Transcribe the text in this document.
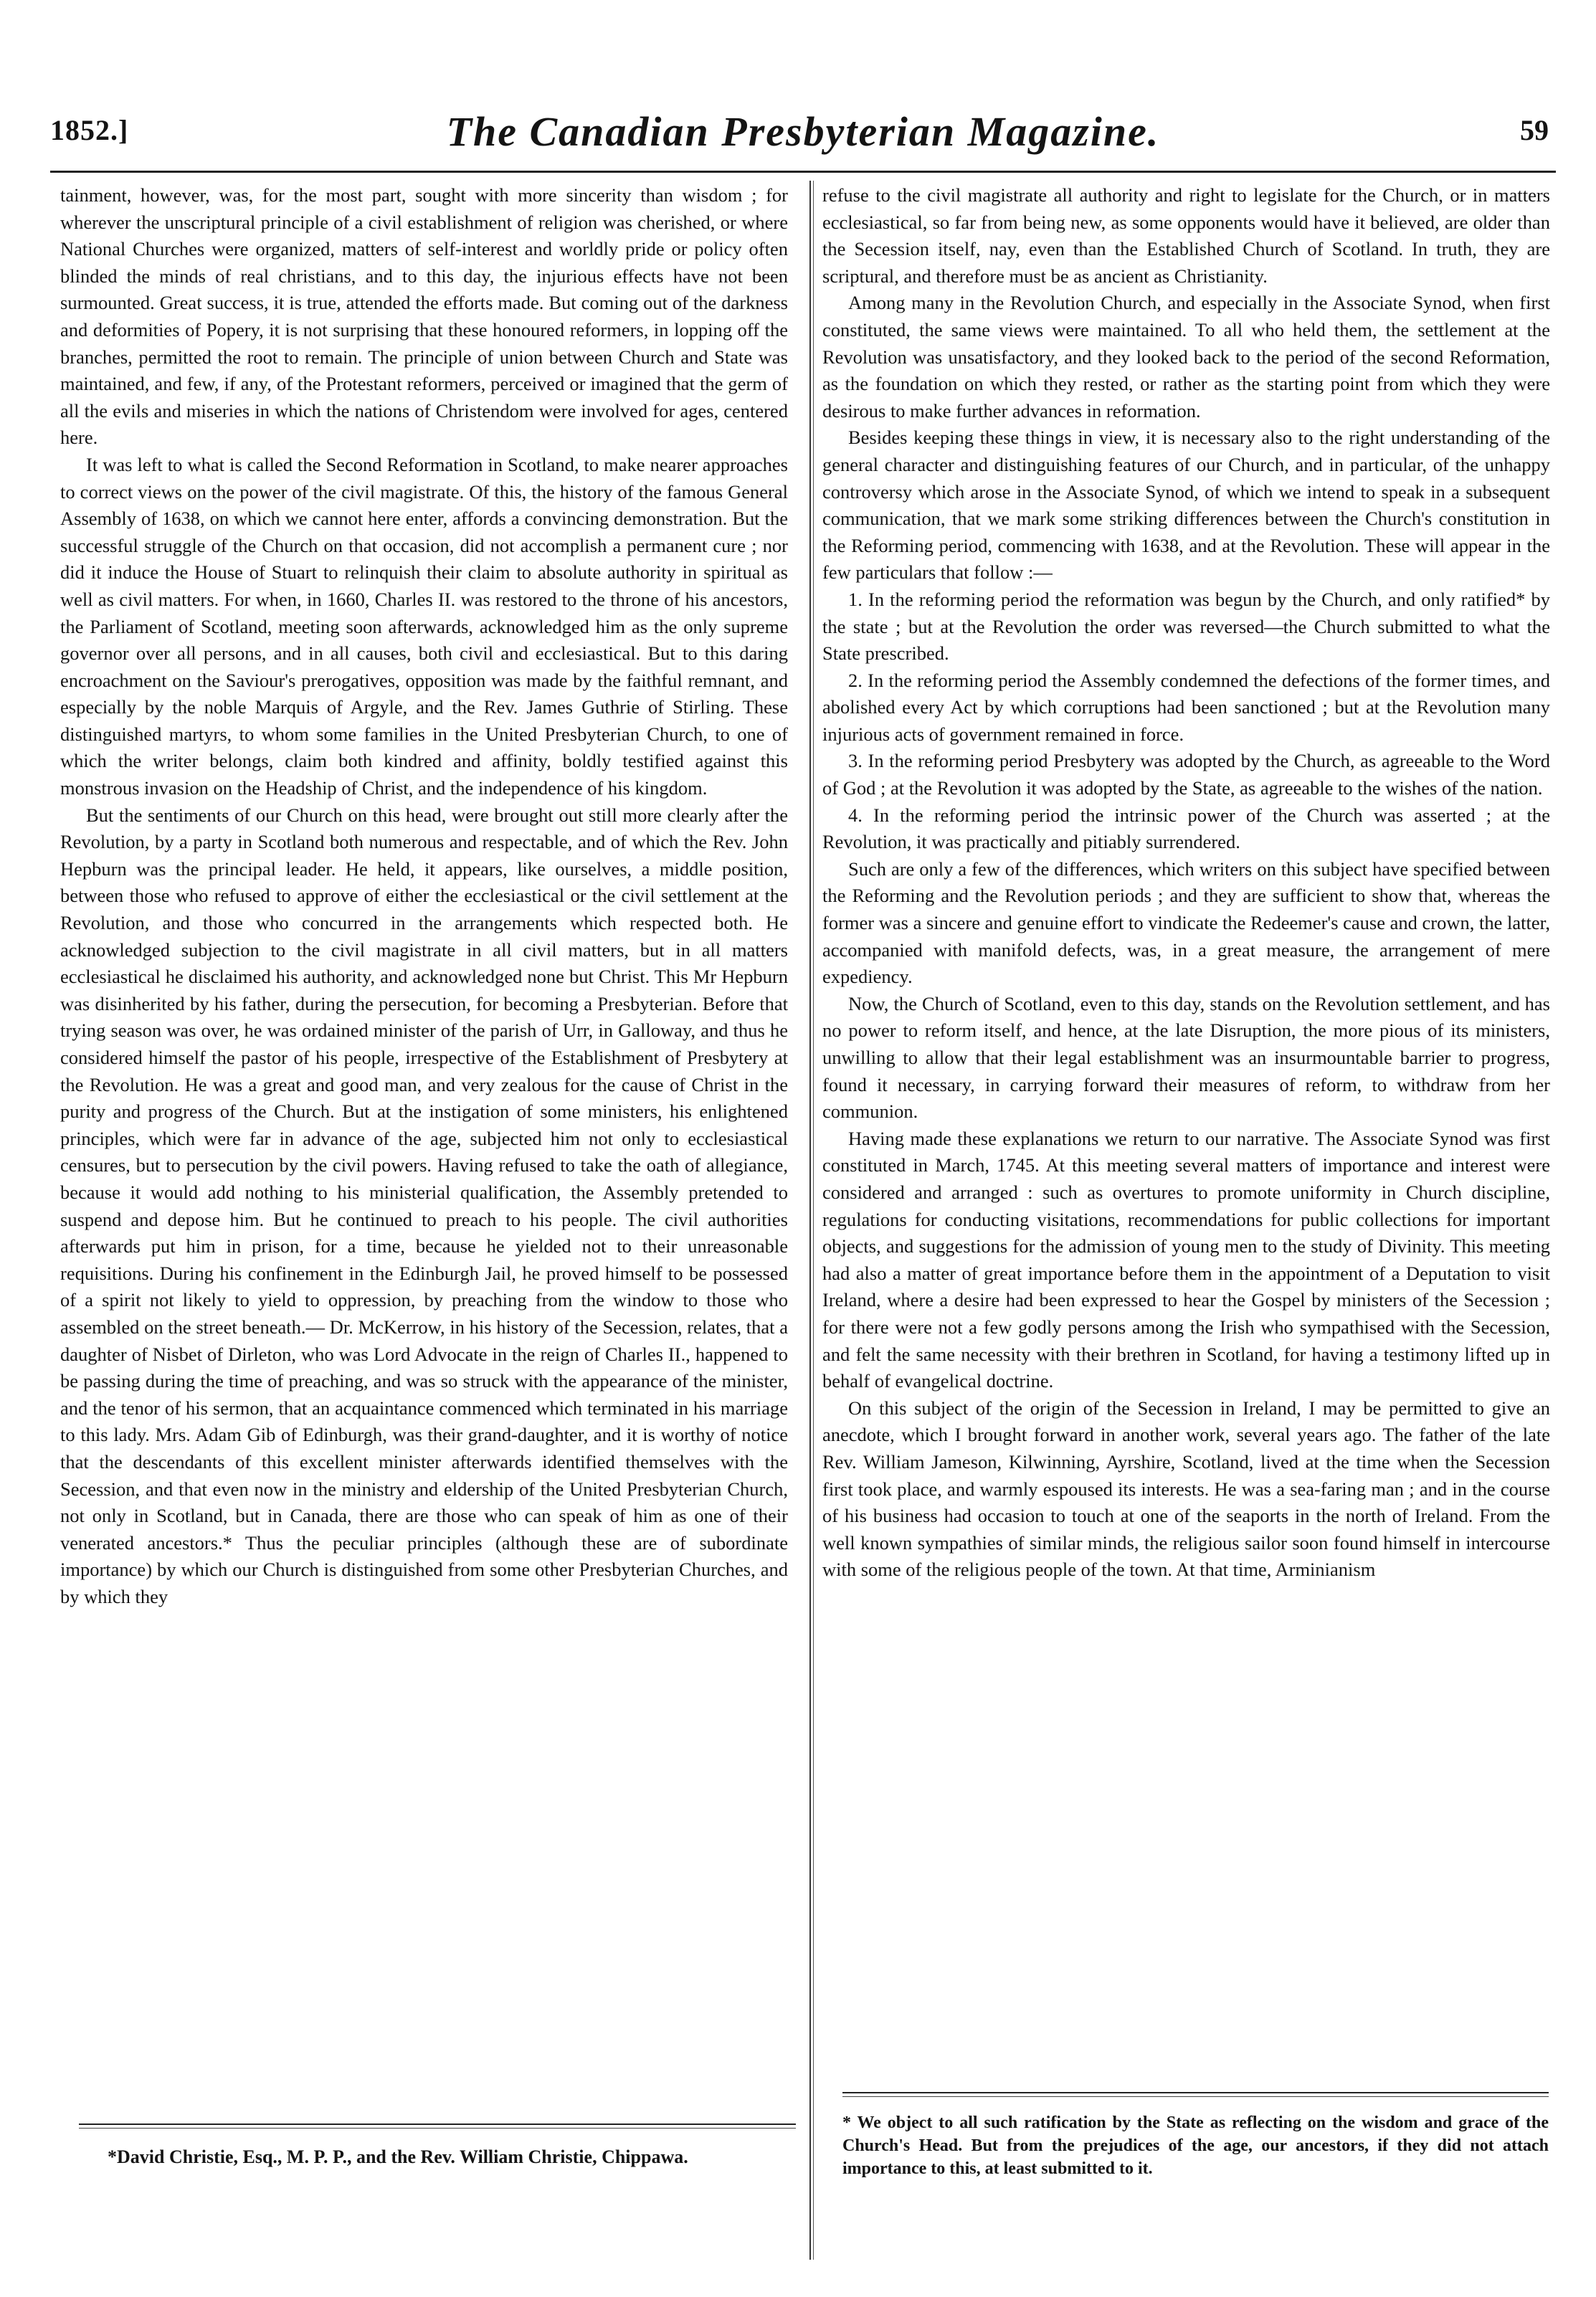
1852.]	The Canadian Presbyterian Magazine.	59

tainment, however, was, for the most part, sought with more sincerity than wisdom ; for wherever the unscriptural principle of a civil establishment of religion was cherished, or where National Churches were organized, matters of self-interest and worldly pride or policy often blinded the minds of real christians, and to this day, the injurious effects have not been surmounted. Great success, it is true, attended the efforts made. But coming out of the darkness and deformities of Popery, it is not surprising that these honoured reformers, in lopping off the branches, permitted the root to remain. The principle of union between Church and State was maintained, and few, if any, of the Protestant reformers, perceived or imagined that the germ of all the evils and miseries in which the nations of Christendom were involved for ages, centered here.

It was left to what is called the Second Reformation in Scotland, to make nearer approaches to correct views on the power of the civil magistrate. Of this, the history of the famous General Assembly of 1638, on which we cannot here enter, affords a convincing demonstration. But the successful struggle of the Church on that occasion, did not accomplish a permanent cure ; nor did it induce the House of Stuart to relinquish their claim to absolute authority in spiritual as well as civil matters. For when, in 1660, Charles II. was restored to the throne of his ancestors, the Parliament of Scotland, meeting soon afterwards, acknowledged him as the only supreme governor over all persons, and in all causes, both civil and ecclesiastical. But to this daring encroachment on the Saviour's prerogatives, opposition was made by the faithful remnant, and especially by the noble Marquis of Argyle, and the Rev. James Guthrie of Stirling. These distinguished martyrs, to whom some families in the United Presbyterian Church, to one of which the writer belongs, claim both kindred and affinity, boldly testified against this monstrous invasion on the Headship of Christ, and the independence of his kingdom.

But the sentiments of our Church on this head, were brought out still more clearly after the Revolution, by a party in Scotland both numerous and respectable, and of which the Rev. John Hepburn was the principal leader. He held, it appears, like ourselves, a middle position, between those who refused to approve of either the ecclesiastical or the civil settlement at the Revolution, and those who concurred in the arrangements which respected both. He acknowledged subjection to the civil magistrate in all civil matters, but in all matters ecclesiastical he disclaimed his authority, and acknowledged none but Christ. This Mr Hepburn was disinherited by his father, during the persecution, for becoming a Presbyterian. Before that trying season was over, he was ordained minister of the parish of Urr, in Galloway, and thus he considered himself the pastor of his people, irrespective of the Establishment of Presbytery at the Revolution. He was a great and good man, and very zealous for the cause of Christ in the purity and progress of the Church. But at the instigation of some ministers, his enlightened principles, which were far in advance of the age, subjected him not only to ecclesiastical censures, but to persecution by the civil powers. Having refused to take the oath of allegiance, because it would add nothing to his ministerial qualification, the Assembly pretended to suspend and depose him. But he continued to preach to his people. The civil authorities afterwards put him in prison, for a time, because he yielded not to their unreasonable requisitions. During his confinement in the Edinburgh Jail, he proved himself to be possessed of a spirit not likely to yield to oppression, by preaching from the window to those who assembled on the street beneath.— Dr. McKerrow, in his history of the Secession, relates, that a daughter of Nisbet of Dirleton, who was Lord Advocate in the reign of Charles II., happened to be passing during the time of preaching, and was so struck with the appearance of the minister, and the tenor of his sermon, that an acquaintance commenced which terminated in his marriage to this lady. Mrs. Adam Gib of Edinburgh, was their grand-daughter, and it is worthy of notice that the descendants of this excellent minister afterwards identified themselves with the Secession, and that even now in the ministry and eldership of the United Presbyterian Church, not only in Scotland, but in Canada, there are those who can speak of him as one of their venerated ancestors.* Thus the peculiar principles (although these are of subordinate importance) by which our Church is distinguished from some other Presbyterian Churches, and by which they

refuse to the civil magistrate all authority and right to legislate for the Church, or in matters ecclesiastical, so far from being new, as some opponents would have it believed, are older than the Secession itself, nay, even than the Established Church of Scotland. In truth, they are scriptural, and therefore must be as ancient as Christianity.

Among many in the Revolution Church, and especially in the Associate Synod, when first constituted, the same views were maintained. To all who held them, the settlement at the Revolution was unsatisfactory, and they looked back to the period of the second Reformation, as the foundation on which they rested, or rather as the starting point from which they were desirous to make further advances in reformation.

Besides keeping these things in view, it is necessary also to the right understanding of the general character and distinguishing features of our Church, and in particular, of the unhappy controversy which arose in the Associate Synod, of which we intend to speak in a subsequent communication, that we mark some striking differences between the Church's constitution in the Reforming period, commencing with 1638, and at the Revolution. These will appear in the few particulars that follow :—

1. In the reforming period the reformation was begun by the Church, and only ratified* by the state ; but at the Revolution the order was reversed—the Church submitted to what the State prescribed.

2. In the reforming period the Assembly condemned the defections of the former times, and abolished every Act by which corruptions had been sanctioned ; but at the Revolution many injurious acts of government remained in force.

3. In the reforming period Presbytery was adopted by the Church, as agreeable to the Word of God ; at the Revolution it was adopted by the State, as agreeable to the wishes of the nation.

4. In the reforming period the intrinsic power of the Church was asserted ; at the Revolution, it was practically and pitiably surrendered.

Such are only a few of the differences, which writers on this subject have specified between the Reforming and the Revolution periods ; and they are sufficient to show that, whereas the former was a sincere and genuine effort to vindicate the Redeemer's cause and crown, the latter, accompanied with manifold defects, was, in a great measure, the arrangement of mere expediency.

Now, the Church of Scotland, even to this day, stands on the Revolution settlement, and has no power to reform itself, and hence, at the late Disruption, the more pious of its ministers, unwilling to allow that their legal establishment was an insurmountable barrier to progress, found it necessary, in carrying forward their measures of reform, to withdraw from her communion.

Having made these explanations we return to our narrative. The Associate Synod was first constituted in March, 1745. At this meeting several matters of importance and interest were considered and arranged : such as overtures to promote uniformity in Church discipline, regulations for conducting visitations, recommendations for public collections for important objects, and suggestions for the admission of young men to the study of Divinity. This meeting had also a matter of great importance before them in the appointment of a Deputation to visit Ireland, where a desire had been expressed to hear the Gospel by ministers of the Secession ; for there were not a few godly persons among the Irish who sympathised with the Secession, and felt the same necessity with their brethren in Scotland, for having a testimony lifted up in behalf of evangelical doctrine.

On this subject of the origin of the Secession in Ireland, I may be permitted to give an anecdote, which I brought forward in another work, several years ago. The father of the late Rev. William Jameson, Kilwinning, Ayrshire, Scotland, lived at the time when the Secession first took place, and warmly espoused its interests. He was a sea-faring man ; and in the course of his business had occasion to touch at one of the seaports in the north of Ireland. From the well known sympathies of similar minds, the religious sailor soon found himself in intercourse with some of the religious people of the town. At that time, Arminianism

*David Christie, Esq., M. P. P., and the Rev. William Christie, Chippawa.
* We object to all such ratification by the State as reflecting on the wisdom and grace of the Church's Head. But from the prejudices of the age, our ancestors, if they did not attach importance to this, at least submitted to it.
